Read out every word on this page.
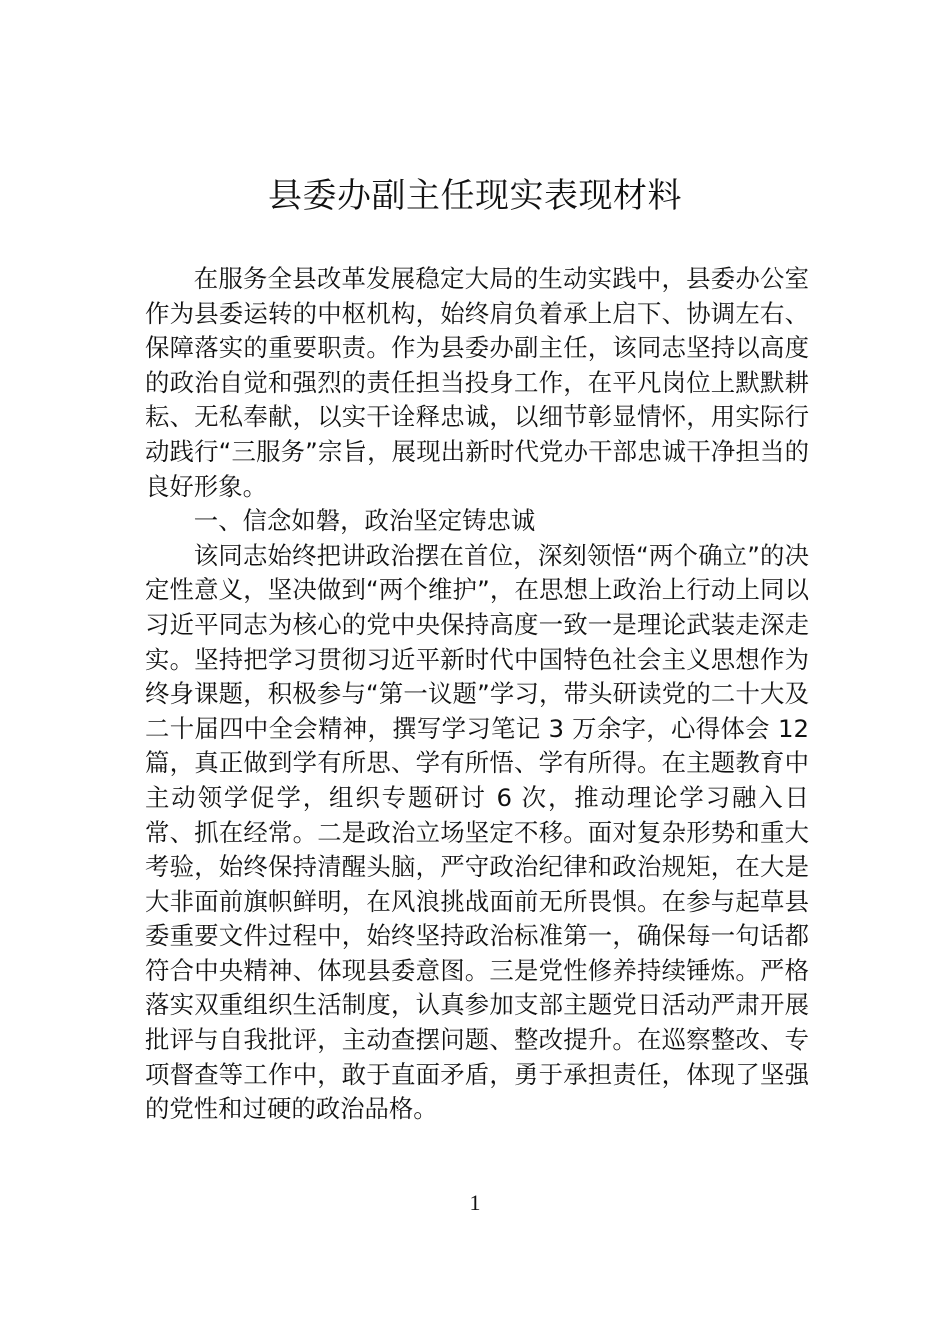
县委办副主任现实表现材料

在服务全县改革发展稳定大局的生动实践中，县委办公室作为县委运转的中枢机构，始终肩负着承上启下、协调左右、保障落实的重要职责。作为县委办副主任，该同志坚持以高度的政治自觉和强烈的责任担当投身工作，在平凡岗位上默默耕耘、无私奉献，以实干诠释忠诚，以细节彰显情怀，用实际行动践行“三服务”宗旨，展现出新时代党办干部忠诚干净担当的良好形象。

一、信念如磐，政治坚定铸忠诚

该同志始终把讲政治摆在首位，深刻领悟“两个确立”的决定性意义，坚决做到“两个维护”，在思想上政治上行动上同以习近平同志为核心的党中央保持高度一致一是理论武装走深走实。坚持把学习贯彻习近平新时代中国特色社会主义思想作为终身课题，积极参与“第一议题”学习，带头研读党的二十大及二十届四中全会精神，撰写学习笔记 3 万余字，心得体会 12 篇，真正做到学有所思、学有所悟、学有所得。在主题教育中主动领学促学，组织专题研讨 6 次，推动理论学习融入日常、抓在经常。二是政治立场坚定不移。面对复杂形势和重大考验，始终保持清醒头脑，严守政治纪律和政治规矩，在大是大非面前旗帜鲜明，在风浪挑战面前无所畏惧。在参与起草县委重要文件过程中，始终坚持政治标准第一，确保每一句话都符合中央精神、体现县委意图。三是党性修养持续锤炼。严格落实双重组织生活制度，认真参加支部主题党日活动严肃开展批评与自我批评，主动查摆问题、整改提升。在巡察整改、专项督查等工作中，敢于直面矛盾，勇于承担责任，体现了坚强的党性和过硬的政治品格。

1
